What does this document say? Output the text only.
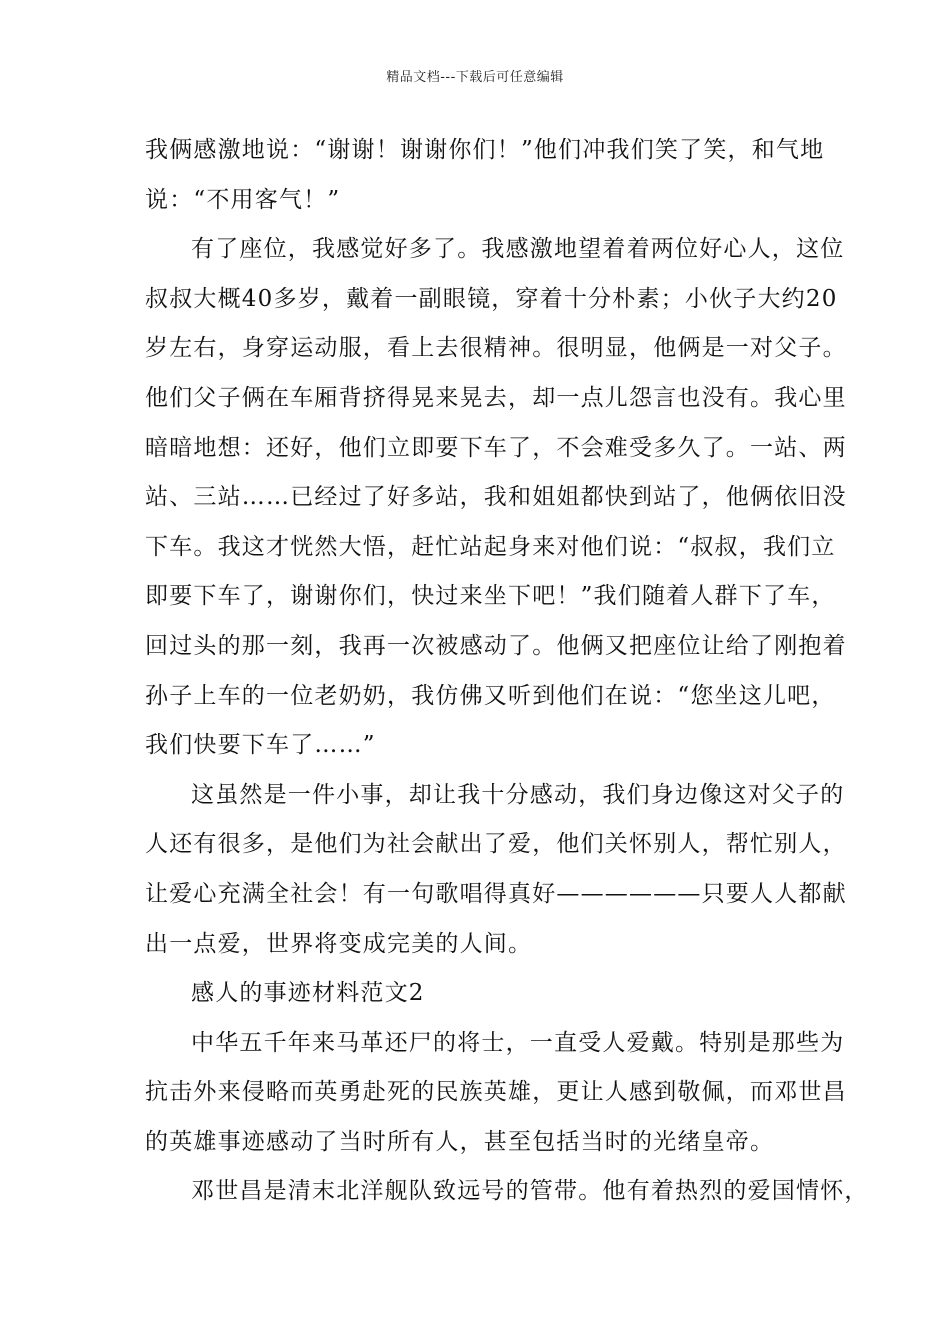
精品文档---下载后可任意编辑
我俩感激地说：“谢谢！谢谢你们！”他们冲我们笑了笑，和气地
说：“不用客气！”
有了座位，我感觉好多了。我感激地望着着两位好心人，这位
叔叔大概40多岁，戴着一副眼镜，穿着十分朴素；小伙子大约20
岁左右，身穿运动服，看上去很精神。很明显，他俩是一对父子。
他们父子俩在车厢背挤得晃来晃去，却一点儿怨言也没有。我心里
暗暗地想：还好，他们立即要下车了，不会难受多久了。一站、两
站、三站……已经过了好多站，我和姐姐都快到站了，他俩依旧没
下车。我这才恍然大悟，赶忙站起身来对他们说：“叔叔，我们立
即要下车了，谢谢你们，快过来坐下吧！”我们随着人群下了车，
回过头的那一刻，我再一次被感动了。他俩又把座位让给了刚抱着
孙子上车的一位老奶奶，我仿佛又听到他们在说：“您坐这儿吧，
我们快要下车了……”
这虽然是一件小事，却让我十分感动，我们身边像这对父子的
人还有很多，是他们为社会献出了爱，他们关怀别人，帮忙别人，
让爱心充满全社会！有一句歌唱得真好——————只要人人都献
出一点爱，世界将变成完美的人间。
感人的事迹材料范文2
中华五千年来马革还尸的将士，一直受人爱戴。特别是那些为
抗击外来侵略而英勇赴死的民族英雄，更让人感到敬佩，而邓世昌
的英雄事迹感动了当时所有人，甚至包括当时的光绪皇帝。
邓世昌是清末北洋舰队致远号的管带。他有着热烈的爱国情怀，
